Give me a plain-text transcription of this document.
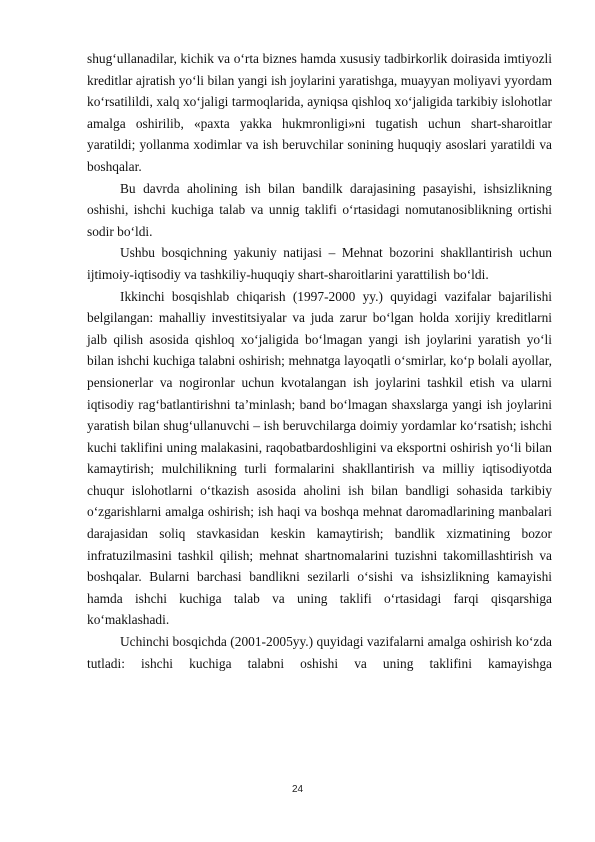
shug‘ullanadilar, kichik va o‘rta biznes hamda xususiy tadbirkorlik doirasida imtiyozli kreditlar ajratish yo‘li bilan yangi ish joylarini yaratishga, muayyan moliyavi yyordam ko‘rsatilildi, xalq xo‘jaligi tarmoqlarida, ayniqsa qishloq xo‘jaligida tarkibiy islohotlar amalga oshirilib, «paxta yakka hukmronligi»ni tugatish uchun shart-sharoitlar yaratildi; yollanma xodimlar va ish beruvchilar sonining huquqiy asoslari yaratildi va boshqalar.

Bu davrda aholining ish bilan bandilk darajasining pasayishi, ishsizlikning oshishi, ishchi kuchiga talab va unnig taklifi o‘rtasidagi nomutanosiblikning ortishi sodir bo‘ldi.

Ushbu bosqichning yakuniy natijasi – Mehnat bozorini shakllantirish uchun ijtimoiy-iqtisodiy va tashkiliy-huquqiy shart-sharoitlarini yarattilish bo‘ldi.

Ikkinchi bosqishlab chiqarish (1997-2000 yy.) quyidagi vazifalar bajarilishi belgilangan: mahalliy investitsiyalar va juda zarur bo‘lgan holda xorijiy kreditlarni jalb qilish asosida qishloq xo‘jaligida bo‘lmagan yangi ish joylarini yaratish yo‘li bilan ishchi kuchiga talabni oshirish; mehnatga layoqatli o‘smirlar, ko‘p bolali ayollar, pensionerlar va nogironlar uchun kvotalangan ish joylarini tashkil etish va ularni iqtisodiy rag‘batlantirishni ta’minlash; band bo‘lmagan shaxslarga yangi ish joylarini yaratish bilan shug‘ullanuvchi – ish beruvchilarga doimiy yordamlar ko‘rsatish; ishchi kuchi taklifini uning malakasini, raqobatbardoshligini va eksportni oshirish yo‘li bilan kamaytirish; mulchilikning turli formalarini shakllantirish va milliy iqtisodiyotda chuqur islohotlarni o‘tkazish asosida aholini ish bilan bandligi sohasida tarkibiy o‘zgarishlarni amalga oshirish; ish haqi va boshqa mehnat daromadlarining manbalari darajasidan soliq stavkasidan keskin kamaytirish; bandlik xizmatining bozor infratuzilmasini tashkil qilish; mehnat shartnomalarini tuzishni takomillashtirish va boshqalar. Bularni barchasi bandlikni sezilarli o‘sishi va ishsizlikning kamayishi hamda ishchi kuchiga talab va uning taklifi o‘rtasidagi farqi qisqarshiga ko‘maklashadi.

Uchinchi bosqichda (2001-2005yy.) quyidagi vazifalarni amalga oshirish ko‘zda tutladi: ishchi kuchiga talabni oshishi va uning taklifini kamayishga

24
